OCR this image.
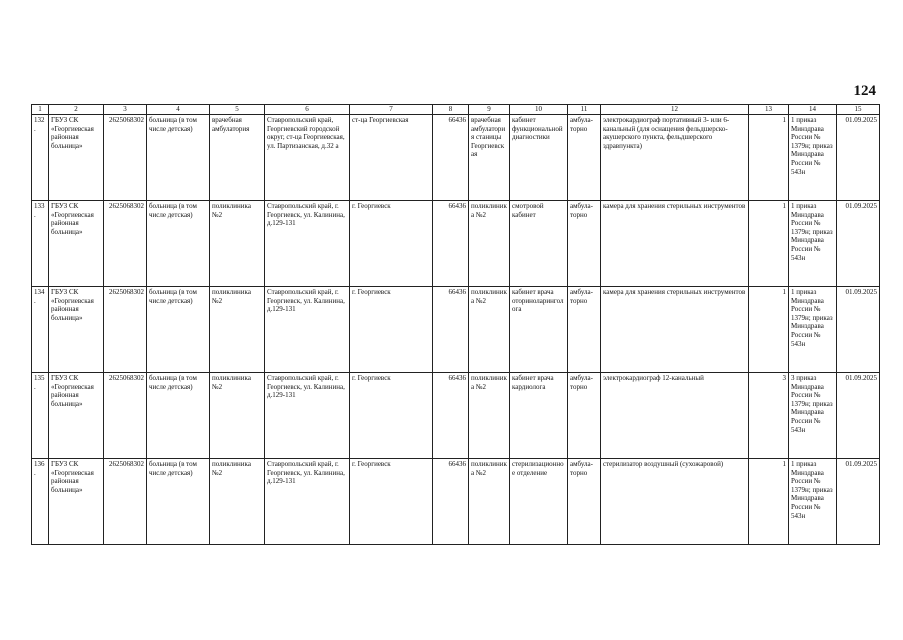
124
1	2	3	4	5	6	7	8	9	10	11	12	13	14	15
132.	ГБУЗ СК «Георгиевская районная больница»	2625068302	больница (в том числе детская)	врачебная амбулатория	Ставропольский край, Георгиевский городской округ, ст-ца Георгиевская, ул. Партизанская, д.32 а	ст-ца Георгиевская	66436	врачебная амбулатория станицы Георгиевская	кабинет функциональной диагностики	амбула-торно	электрокардиограф портативный 3- или 6-канальный (для оснащения фельдшерско-акушерского пункта, фельдшерского здравпункта)	1	1 приказ Минздрава России № 1379н; приказ Минздрава России № 543н	01.09.2025
133.	ГБУЗ СК «Георгиевская районная больница»	2625068302	больница (в том числе детская)	поликлиника №2	Ставропольский край, г. Георгиевск, ул. Калинина, д.129-131	г. Георгиевск	66436	поликлиника №2	смотровой кабинет	амбула-торно	камера для хранения стерильных инструментов	1	1 приказ Минздрава России № 1379н; приказ Минздрава России № 543н	01.09.2025
134.	ГБУЗ СК «Георгиевская районная больница»	2625068302	больница (в том числе детская)	поликлиника №2	Ставропольский край, г. Георгиевск, ул. Калинина, д.129-131	г. Георгиевск	66436	поликлиника №2	кабинет врача оториноларинголога	амбула-торно	камера для хранения стерильных инструментов	1	1 приказ Минздрава России № 1379н; приказ Минздрава России № 543н	01.09.2025
135.	ГБУЗ СК «Георгиевская районная больница»	2625068302	больница (в том числе детская)	поликлиника №2	Ставропольский край, г. Георгиевск, ул. Калинина, д.129-131	г. Георгиевск	66436	поликлиника №2	кабинет врача кардиолога	амбула-торно	электрокардиограф 12-канальный	3	3 приказ Минздрава России № 1379н; приказ Минздрава России № 543н	01.09.2025
136.	ГБУЗ СК «Георгиевская районная больница»	2625068302	больница (в том числе детская)	поликлиника №2	Ставропольский край, г. Георгиевск, ул. Калинина, д.129-131	г. Георгиевск	66436	поликлиника №2	стерилизационное отделение	амбула-торно	стерилизатор воздушный (сухожаровой)	1	1 приказ Минздрава России № 1379н; приказ Минздрава России № 543н	01.09.2025
